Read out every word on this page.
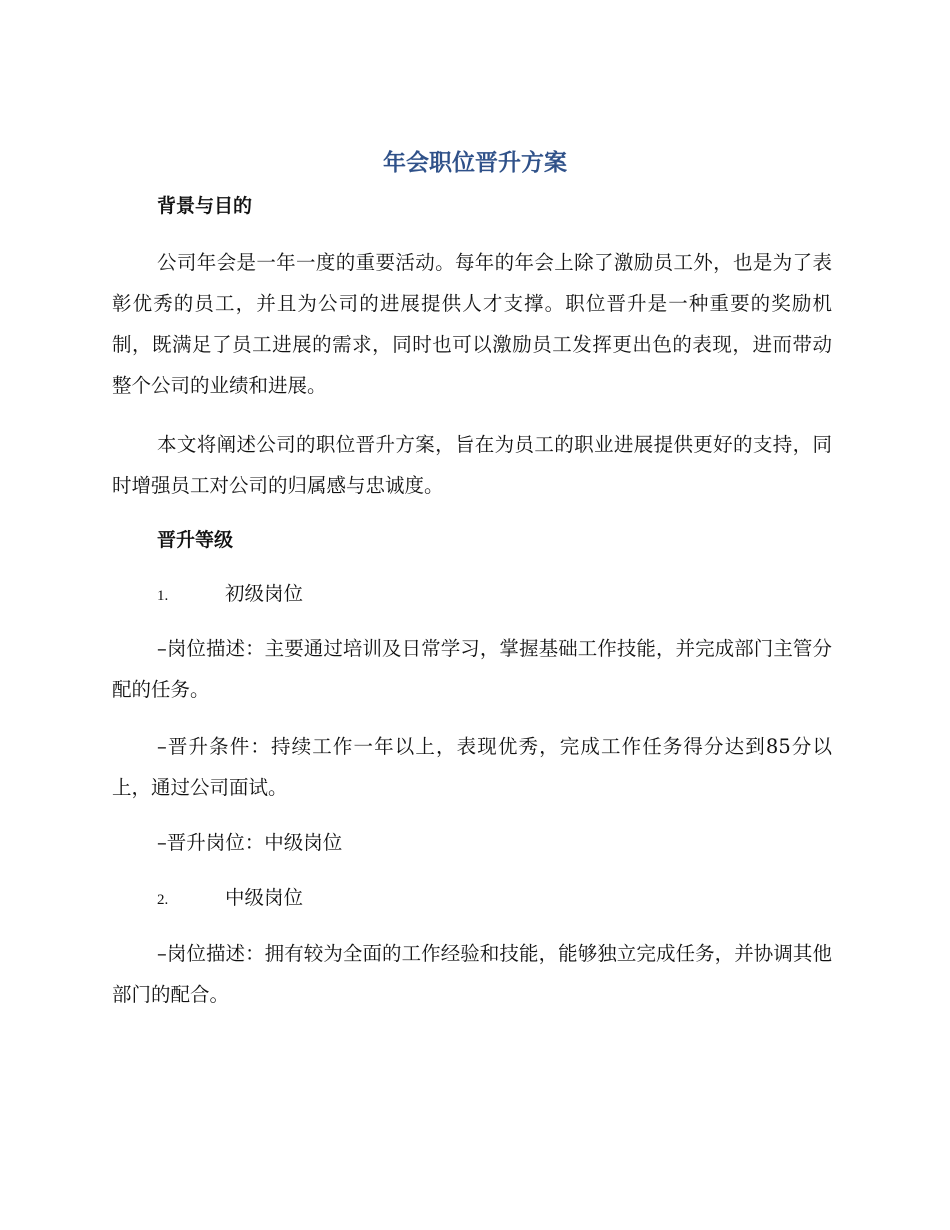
年会职位晋升方案
背景与目的

公司年会是一年一度的重要活动。每年的年会上除了激励员工外，也是为了表彰优秀的员工，并且为公司的进展提供人才支撑。职位晋升是一种重要的奖励机制，既满足了员工进展的需求，同时也可以激励员工发挥更出色的表现，进而带动整个公司的业绩和进展。

本文将阐述公司的职位晋升方案，旨在为员工的职业进展提供更好的支持，同时增强员工对公司的归属感与忠诚度。

晋升等级

1.	初级岗位

–岗位描述：主要通过培训及日常学习，掌握基础工作技能，并完成部门主管分配的任务。

–晋升条件：持续工作一年以上，表现优秀，完成工作任务得分达到85分以上，通过公司面试。

–晋升岗位：中级岗位

2.	中级岗位

–岗位描述：拥有较为全面的工作经验和技能，能够独立完成任务，并协调其他部门的配合。
